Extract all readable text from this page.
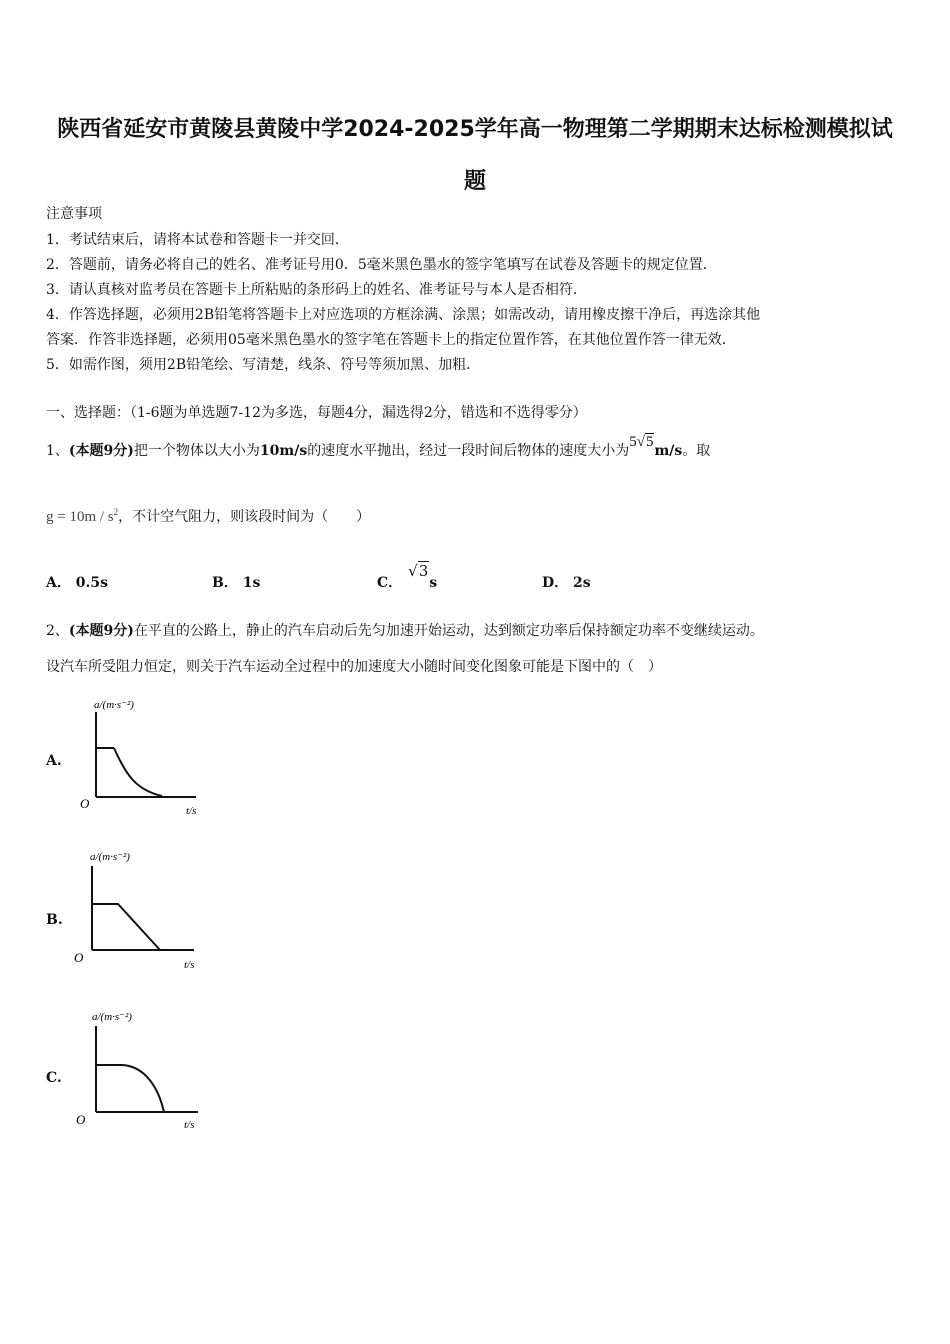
陕西省延安市黄陵县黄陵中学2024-2025学年高一物理第二学期期末达标检测模拟试
题
注意事项
1．考试结束后，请将本试卷和答题卡一并交回．
2．答题前，请务必将自己的姓名、准考证号用0．5毫米黑色墨水的签字笔填写在试卷及答题卡的规定位置．
3．请认真核对监考员在答题卡上所粘贴的条形码上的姓名、准考证号与本人是否相符．
4．作答选择题，必须用2B铅笔将答题卡上对应选项的方框涂满、涂黑；如需改动，请用橡皮擦干净后，再选涂其他
答案．作答非选择题，必须用05毫米黑色墨水的签字笔在答题卡上的指定位置作答，在其他位置作答一律无效．
5．如需作图，须用2B铅笔绘、写清楚，线条、符号等须加黑、加粗．
一、选择题：（1-6题为单选题7-12为多选，每题4分，漏选得2分，错选和不选得零分）
1、(本题9分)把一个物体以大小为10m/s的速度水平抛出，经过一段时间后物体的速度大小为5√5m/s。取
$g = 10m / s^2$，不计空气阻力，则该段时间为（　　）
A． 0.5s	B． 1s	C．√3s	D． 2s
2、(本题9分)在平直的公路上，静止的汽车启动后先匀加速开始运动，达到额定功率后保持额定功率不变继续运动。
设汽车所受阻力恒定，则关于汽车运动全过程中的加速度大小随时间变化图象可能是下图中的（　）
A.
a/(m·s⁻²)
O	t/s
B.
a/(m·s⁻²)
O	t/s
C.
a/(m·s⁻²)
O	t/s
